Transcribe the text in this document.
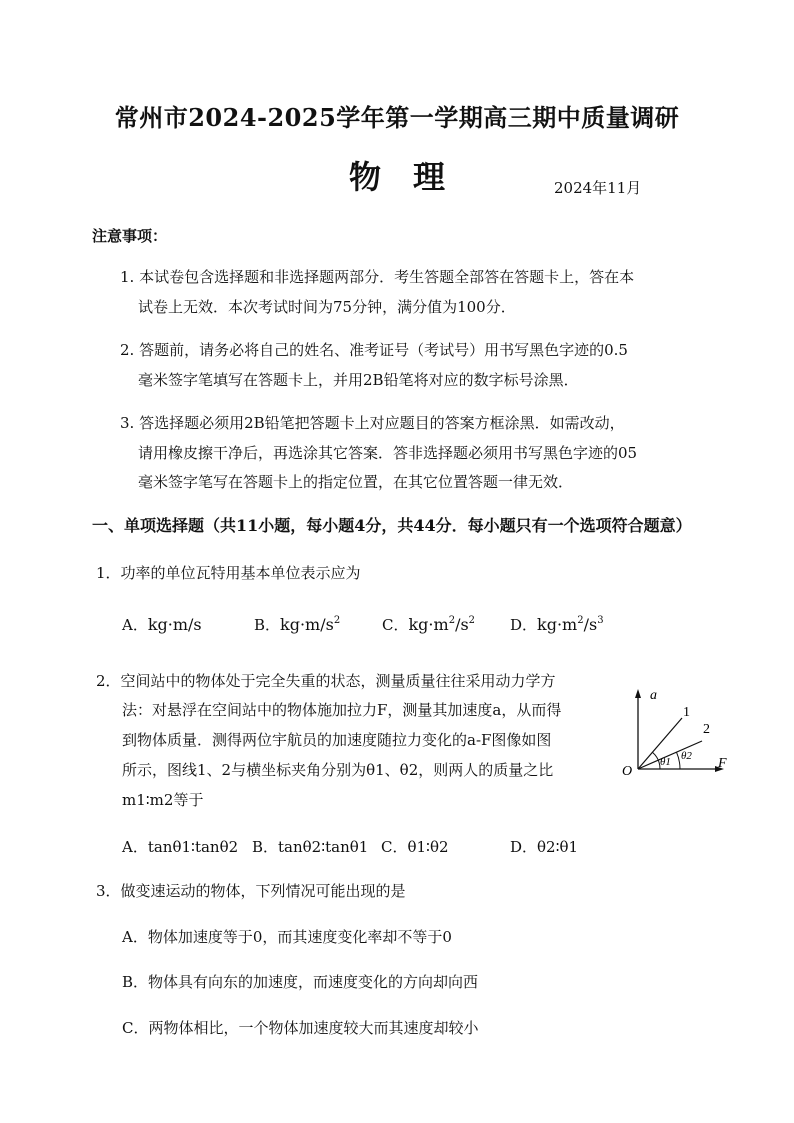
常州市2024-2025学年第一学期高三期中质量调研
物理	2024年11月
注意事项：
1. 本试卷包含选择题和非选择题两部分．考生答题全部答在答题卡上，答在本
试卷上无效．本次考试时间为75分钟，满分值为100分．
2. 答题前，请务必将自己的姓名、准考证号（考试号）用书写黑色字迹的0.5
毫米签字笔填写在答题卡上，并用2B铅笔将对应的数字标号涂黑．
3. 答选择题必须用2B铅笔把答题卡上对应题目的答案方框涂黑．如需改动，
请用橡皮擦干净后，再选涂其它答案．答非选择题必须用书写黑色字迹的05
毫米签字笔写在答题卡上的指定位置，在其它位置答题一律无效．
一、单项选择题（共11小题，每小题4分，共44分．每小题只有一个选项符合题意）
1．功率的单位瓦特用基本单位表示应为
A．kg·m/s	B．$kg\cdot m/s^2$	C．$kg\cdot m^2/s^2$ D．$kg\cdot m^2/s^3$
2．空间站中的物体处于完全失重的状态，测量质量往往采用动力学方
法：对悬浮在空间站中的物体施加拉力F，测量其加速度a，从而得
到物体质量．测得两位宇航员的加速度随拉力变化的a-F图像如图
所示，图线1、2与横坐标夹角分别为θ1、θ2，则两人的质量之比
m1∶m2等于
A．tanθ1∶tanθ2 B．tanθ2∶tanθ1 C．θ1∶θ2	D．θ2∶θ1
a
F
O
1
2
θ1 θ2
3．做变速运动的物体，下列情况可能出现的是
A．物体加速度等于0，而其速度变化率却不等于0
B．物体具有向东的加速度，而速度变化的方向却向西
C．两物体相比，一个物体加速度较大而其速度却较小
